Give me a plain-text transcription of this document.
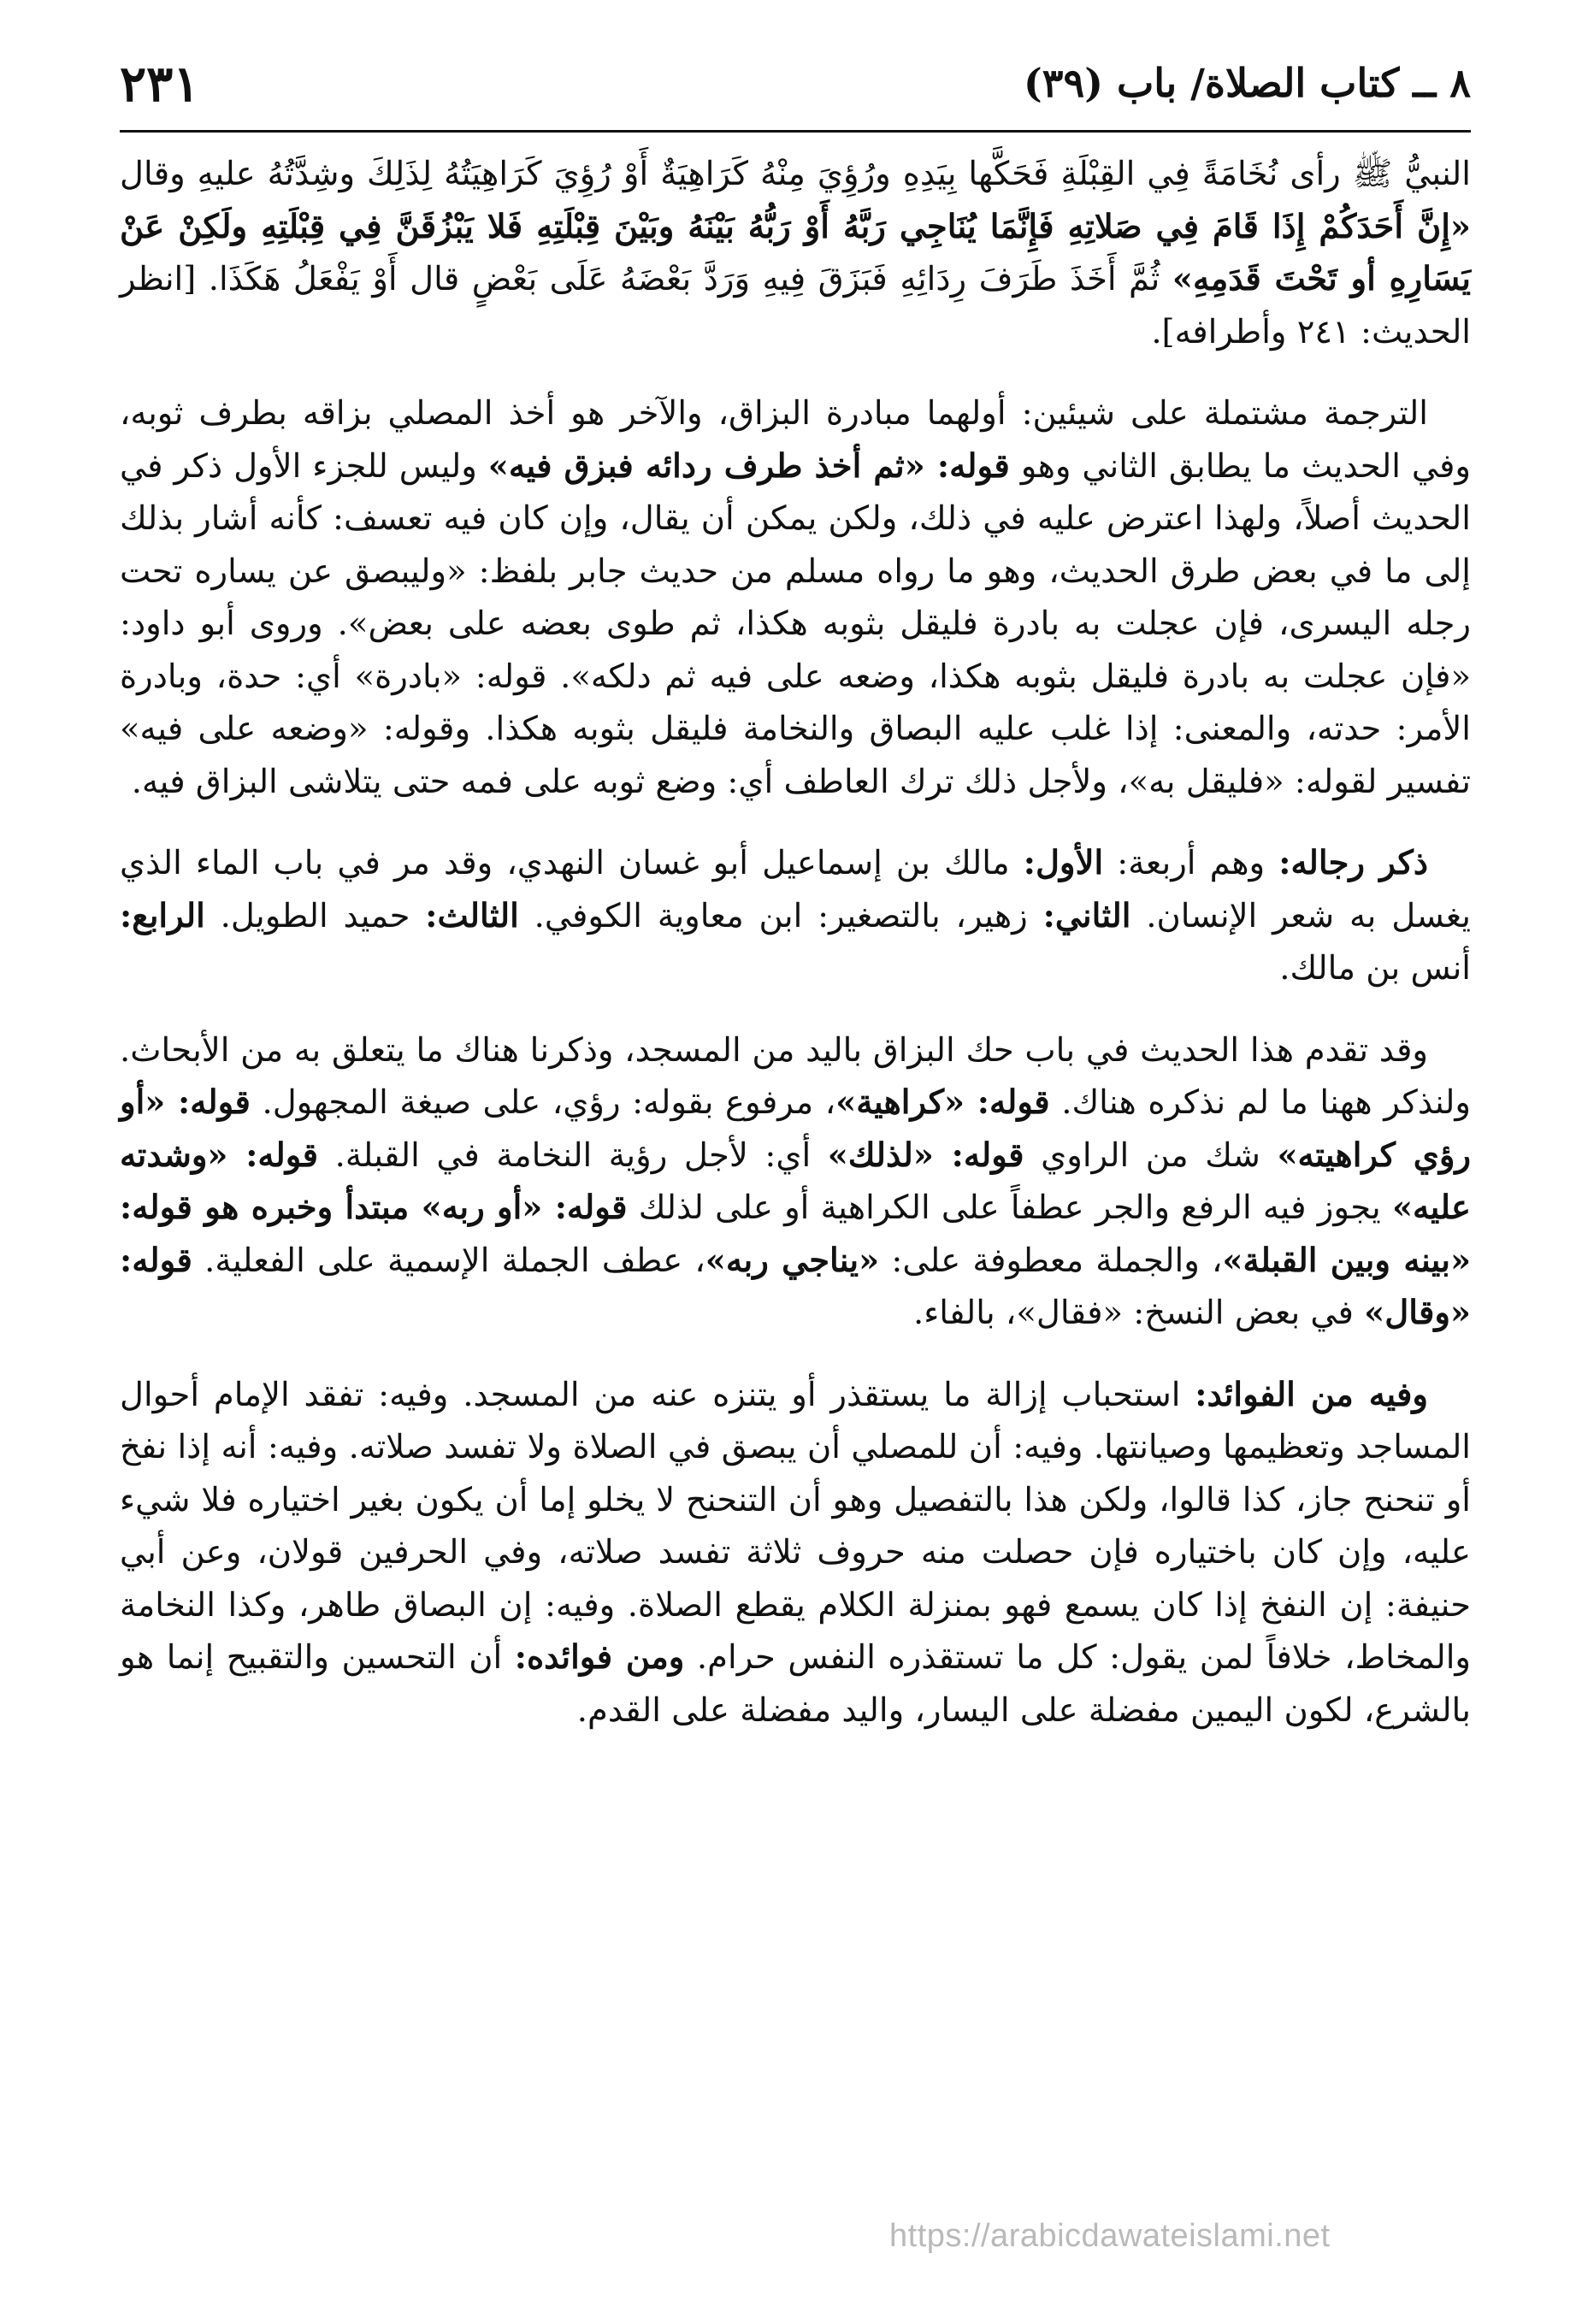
٨ ــ كتاب الصلاة/ باب (٣٩)
٢٣١

النبيُّ ﷺ رأى نُخَامَةً فِي القِبْلَةِ فَحَكَّها بِيَدِهِ ورُؤِيَ مِنْهُ كَرَاهِيَةٌ أَوْ رُؤِيَ كَرَاهِيَتُهُ لِذَلِكَ وشِدَّتُهُ عليهِ وقال «إِنَّ أَحَدَكُمْ إِذَا قَامَ فِي صَلاتِهِ فَإِنَّمَا يُنَاجِي رَبَّهُ أَوْ رَبُّهُ بَيْنَهُ وبَيْنَ قِبْلَتِهِ فَلا يَبْزُقَنَّ فِي قِبْلَتِهِ ولَكِنْ عَنْ يَسَارِهِ أو تَحْتَ قَدَمِهِ» ثُمَّ أَخَذَ طَرَفَ رِدَائِهِ فَبَزَقَ فِيهِ وَرَدَّ بَعْضَهُ عَلَى بَعْضٍ قال أَوْ يَفْعَلُ هَكَذَا. [انظر الحديث: ٢٤١ وأطرافه].

الترجمة مشتملة على شيئين: أولهما مبادرة البزاق، والآخر هو أخذ المصلي بزاقه بطرف ثوبه، وفي الحديث ما يطابق الثاني وهو قوله: «ثم أخذ طرف ردائه فبزق فيه» وليس للجزء الأول ذكر في الحديث أصلاً، ولهذا اعترض عليه في ذلك، ولكن يمكن أن يقال، وإن كان فيه تعسف: كأنه أشار بذلك إلى ما في بعض طرق الحديث، وهو ما رواه مسلم من حديث جابر بلفظ: «وليبصق عن يساره تحت رجله اليسرى، فإن عجلت به بادرة فليقل بثوبه هكذا، ثم طوى بعضه على بعض». وروى أبو داود: «فإن عجلت به بادرة فليقل بثوبه هكذا، وضعه على فيه ثم دلكه». قوله: «بادرة» أي: حدة، وبادرة الأمر: حدته، والمعنى: إذا غلب عليه البصاق والنخامة فليقل بثوبه هكذا. وقوله: «وضعه على فيه» تفسير لقوله: «فليقل به»، ولأجل ذلك ترك العاطف أي: وضع ثوبه على فمه حتى يتلاشى البزاق فيه.

ذكر رجاله: وهم أربعة: الأول: مالك بن إسماعيل أبو غسان النهدي، وقد مر في باب الماء الذي يغسل به شعر الإنسان. الثاني: زهير، بالتصغير: ابن معاوية الكوفي. الثالث: حميد الطويل. الرابع: أنس بن مالك.

وقد تقدم هذا الحديث في باب حك البزاق باليد من المسجد، وذكرنا هناك ما يتعلق به من الأبحاث. ولنذكر ههنا ما لم نذكره هناك. قوله: «كراهية»، مرفوع بقوله: رؤي، على صيغة المجهول. قوله: «أو رؤي كراهيته» شك من الراوي قوله: «لذلك» أي: لأجل رؤية النخامة في القبلة. قوله: «وشدته عليه» يجوز فيه الرفع والجر عطفاً على الكراهية أو على لذلك قوله: «أو ربه» مبتدأ وخبره هو قوله: «بينه وبين القبلة»، والجملة معطوفة على: «يناجي ربه»، عطف الجملة الإسمية على الفعلية. قوله: «وقال» في بعض النسخ: «فقال»، بالفاء.

وفيه من الفوائد: استحباب إزالة ما يستقذر أو يتنزه عنه من المسجد. وفيه: تفقد الإمام أحوال المساجد وتعظيمها وصيانتها. وفيه: أن للمصلي أن يبصق في الصلاة ولا تفسد صلاته. وفيه: أنه إذا نفخ أو تنحنح جاز، كذا قالوا، ولكن هذا بالتفصيل وهو أن التنحنح لا يخلو إما أن يكون بغير اختياره فلا شيء عليه، وإن كان باختياره فإن حصلت منه حروف ثلاثة تفسد صلاته، وفي الحرفين قولان، وعن أبي حنيفة: إن النفخ إذا كان يسمع فهو بمنزلة الكلام يقطع الصلاة. وفيه: إن البصاق طاهر، وكذا النخامة والمخاط، خلافاً لمن يقول: كل ما تستقذره النفس حرام. ومن فوائده: أن التحسين والتقبيح إنما هو بالشرع، لكون اليمين مفضلة على اليسار، واليد مفضلة على القدم.

https://arabicdawateislami.net
